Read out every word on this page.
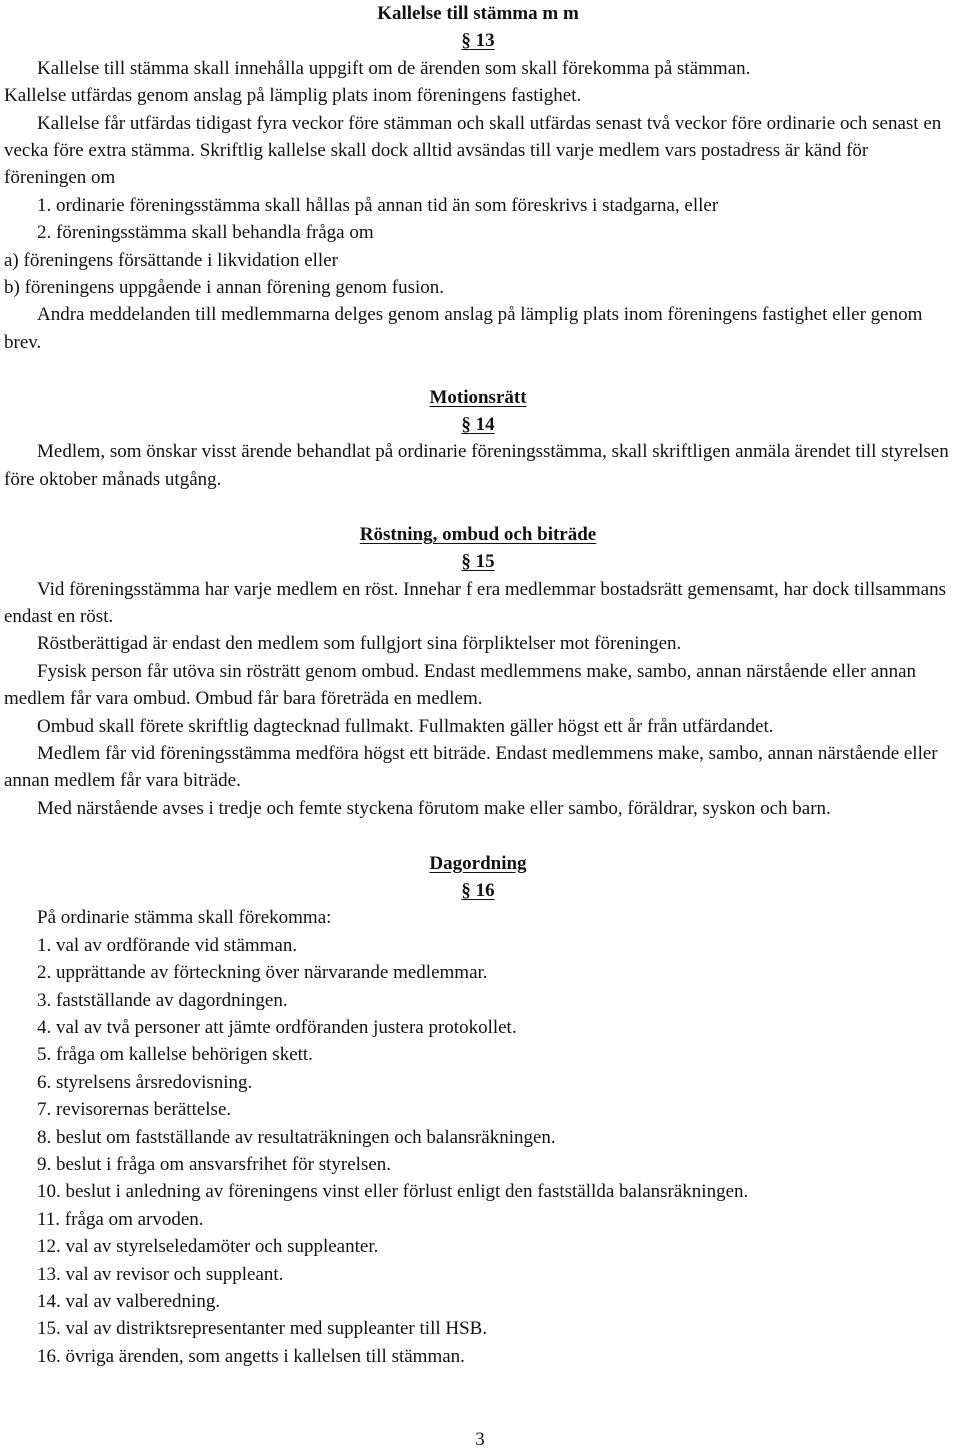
Kallelse till stämma m m

§ 13

Kallelse till stämma skall innehålla uppgift om de ärenden som skall förekomma på stämman.

Kallelse utfärdas genom anslag på lämplig plats inom föreningens fastighet.

Kallelse får utfärdas tidigast fyra veckor före stämman och skall utfärdas senast två veckor före ordinarie och senast en vecka före extra stämma. Skriftlig kallelse skall dock alltid avsändas till varje medlem vars postadress är känd för föreningen om

1. ordinarie föreningsstämma skall hållas på annan tid än som föreskrivs i stadgarna, eller

2. föreningsstämma skall behandla fråga om

a) föreningens försättande i likvidation eller

b) föreningens uppgående i annan förening genom fusion.

Andra meddelanden till medlemmarna delges genom anslag på lämplig plats inom föreningens fastighet eller genom brev.

Motionsrätt

§ 14

Medlem, som önskar visst ärende behandlat på ordinarie föreningsstämma, skall skriftligen anmäla ärendet till styrelsen före oktober månads utgång.

Röstning, ombud och biträde

§ 15

Vid föreningsstämma har varje medlem en röst. Innehar f era medlemmar bostadsrätt gemensamt, har dock tillsammans endast en röst.

Röstberättigad är endast den medlem som fullgjort sina förpliktelser mot föreningen.

Fysisk person får utöva sin rösträtt genom ombud. Endast medlemmens make, sambo, annan närstående eller annan medlem får vara ombud. Ombud får bara företräda en medlem.

Ombud skall förete skriftlig dagtecknad fullmakt. Fullmakten gäller högst ett år från utfärdandet.

Medlem får vid föreningsstämma medföra högst ett biträde. Endast medlemmens make, sambo, annan närstående eller annan medlem får vara biträde.

Med närstående avses i tredje och femte styckena förutom make eller sambo, föräldrar, syskon och barn.

Dagordning

§ 16

På ordinarie stämma skall förekomma:

1. val av ordförande vid stämman.

2. upprättande av förteckning över närvarande medlemmar.

3. fastställande av dagordningen.

4. val av två personer att jämte ordföranden justera protokollet.

5. fråga om kallelse behörigen skett.

6. styrelsens årsredovisning.

7. revisorernas berättelse.

8. beslut om fastställande av resultaträkningen och balansräkningen.

9. beslut i fråga om ansvarsfrihet för styrelsen.

10. beslut i anledning av föreningens vinst eller förlust enligt den fastställda balansräkningen.

11. fråga om arvoden.

12. val av styrelseledamöter och suppleanter.

13. val av revisor och suppleant.

14. val av valberedning.

15. val av distriktsrepresentanter med suppleanter till HSB.

16. övriga ärenden, som angetts i kallelsen till stämman.

3
